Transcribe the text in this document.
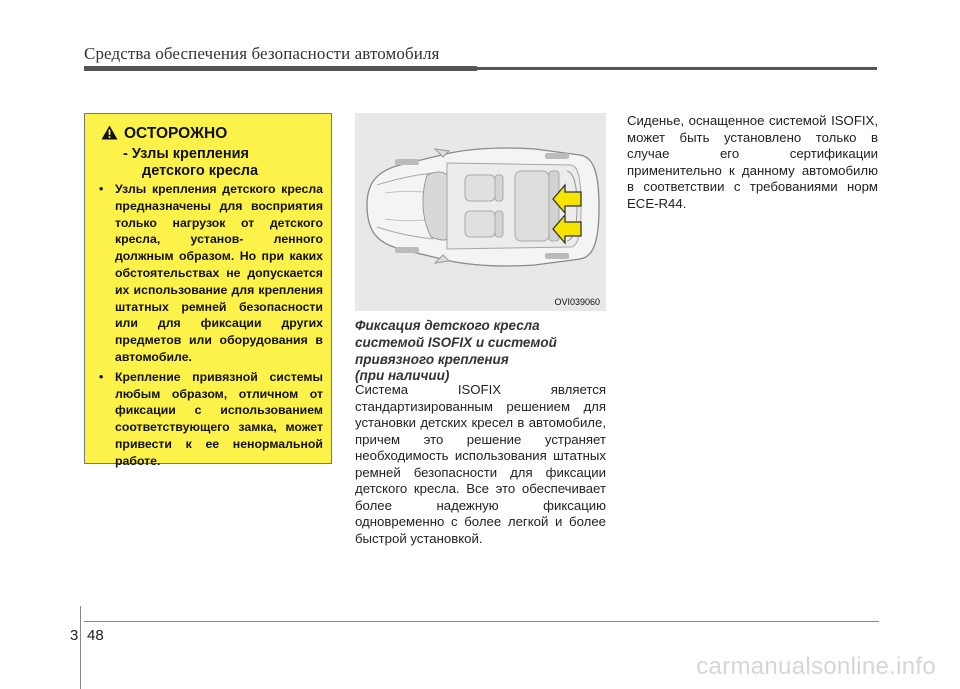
Средства обеспечения безопасности автомобиля
ОСТОРОЖНО
- Узлы крепления
детского кресла
• Узлы крепления детского кресла предназначены для восприятия только нагрузок от детского кресла, установ- ленного должным образом. Но при каких обстоятельствах не допускается их использование для крепления штатных ремней безопасности или для фиксации других предметов или оборудования в автомобиле.
• Крепление привязной системы любым образом, отличном от фиксации с использованием соответствующего замка, может привести к ее ненормальной работе.
OVI039060
Фиксация детского кресла
системой ISOFIX и системой
привязного крепления
(при наличии)
Система ISOFIX является стандартизированным решением для установки детских кресел в автомобиле, причем это решение устраняет необходимость использования штатных ремней безопасности для фиксации детского кресла. Все это обеспечивает более надежную фиксацию одновременно с более легкой и более быстрой установкой.
Сиденье, оснащенное системой ISOFIX, может быть установлено только в случае его сертификации применительно к данному автомобилю в соответствии с требованиями норм ECE-R44.
3 48
carmanualsonline.info
